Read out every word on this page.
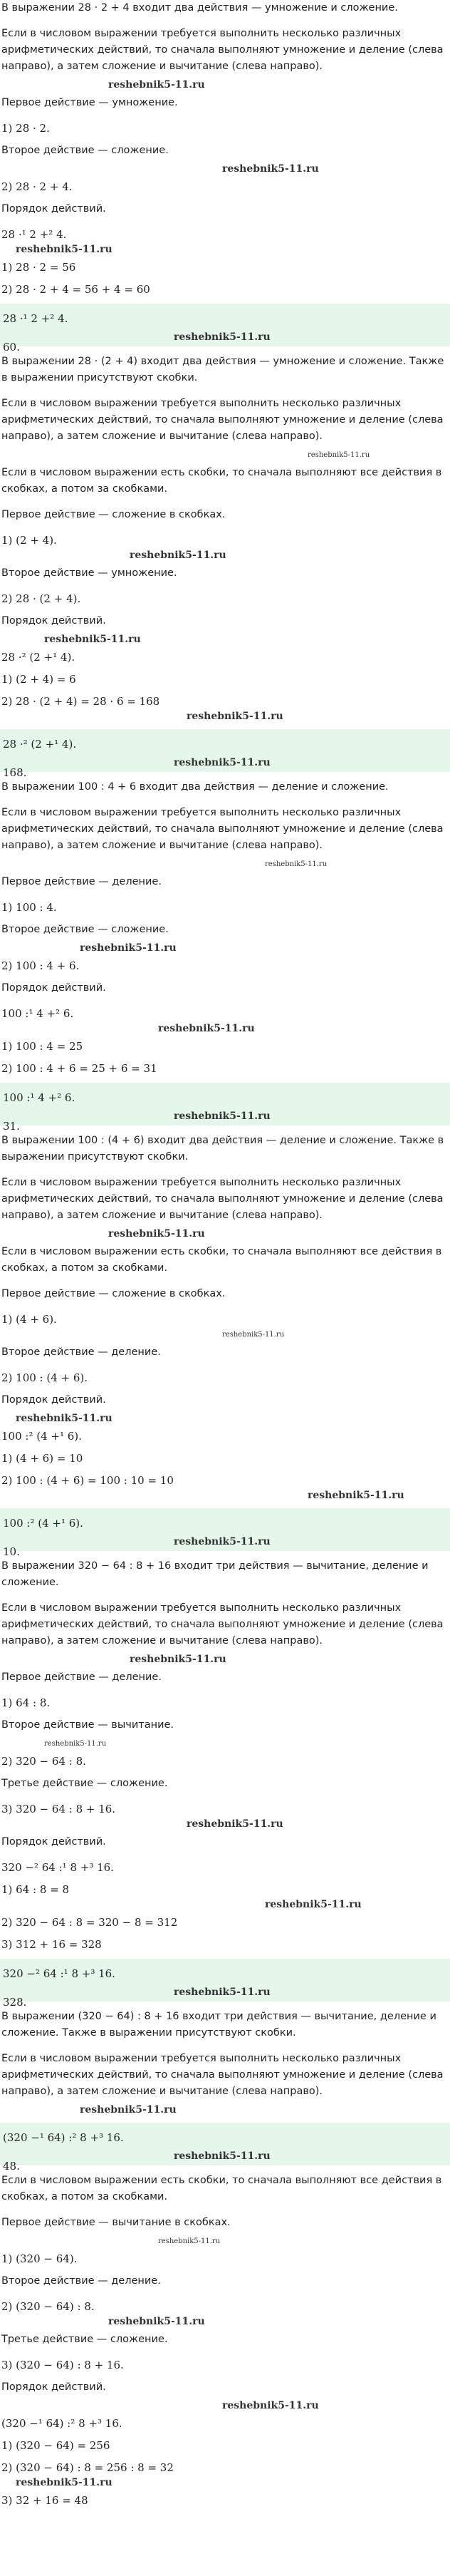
В выражении 28 · 2 + 4 входит два действия — умножение и сложение.

Если в числовом выражении требуется выполнить несколько различных арифметических действий, то сначала выполняют умножение и деление (слева направо), а затем сложение и вычитание (слева направо).

reshebnik5-11.ru

Первое действие — умножение.

1) 28 · 2.

Второе действие — сложение.

reshebnik5-11.ru

2) 28 · 2 + 4.

Порядок действий.

28 ·¹ 2 +² 4.

reshebnik5-11.ru

1) 28 · 2 = 56

2) 28 · 2 + 4 = 56 + 4 = 60

28 ·¹ 2 +² 4.

60.

reshebnik5-11.ru

В выражении 28 · (2 + 4) входит два действия — умножение и сложение. Также в выражении присутствуют скобки.

Если в числовом выражении требуется выполнить несколько различных арифметических действий, то сначала выполняют умножение и деление (слева направо), а затем сложение и вычитание (слева направо).

reshebnik5-11.ru

Если в числовом выражении есть скобки, то сначала выполняют все действия в скобках, а потом за скобками.

Первое действие — сложение в скобках.

1) (2 + 4).

reshebnik5-11.ru

Второе действие — умножение.

2) 28 · (2 + 4).

Порядок действий.

reshebnik5-11.ru

28 ·² (2 +¹ 4).

1) (2 + 4) = 6

2) 28 · (2 + 4) = 28 · 6 = 168

reshebnik5-11.ru

28 ·² (2 +¹ 4).

168.

reshebnik5-11.ru

В выражении 100 : 4 + 6 входит два действия — деление и сложение.

Если в числовом выражении требуется выполнить несколько различных арифметических действий, то сначала выполняют умножение и деление (слева направо), а затем сложение и вычитание (слева направо).

reshebnik5-11.ru

Первое действие — деление.

1) 100 : 4.

Второе действие — сложение.

reshebnik5-11.ru

2) 100 : 4 + 6.

Порядок действий.

100 :¹ 4 +² 6.

reshebnik5-11.ru

1) 100 : 4 = 25

2) 100 : 4 + 6 = 25 + 6 = 31

100 :¹ 4 +² 6.

31.

reshebnik5-11.ru

В выражении 100 : (4 + 6) входит два действия — деление и сложение. Также в выражении присутствуют скобки.

Если в числовом выражении требуется выполнить несколько различных арифметических действий, то сначала выполняют умножение и деление (слева направо), а затем сложение и вычитание (слева направо).

reshebnik5-11.ru

Если в числовом выражении есть скобки, то сначала выполняют все действия в скобках, а потом за скобками.

Первое действие — сложение в скобках.

1) (4 + 6).

reshebnik5-11.ru

Второе действие — деление.

2) 100 : (4 + 6).

Порядок действий.

reshebnik5-11.ru

100 :² (4 +¹ 6).

1) (4 + 6) = 10

2) 100 : (4 + 6) = 100 : 10 = 10

reshebnik5-11.ru

100 :² (4 +¹ 6).

10.

reshebnik5-11.ru

В выражении 320 − 64 : 8 + 16 входит три действия — вычитание, деление и сложение.

Если в числовом выражении требуется выполнить несколько различных арифметических действий, то сначала выполняют умножение и деление (слева направо), а затем сложение и вычитание (слева направо).

reshebnik5-11.ru

Первое действие — деление.

1) 64 : 8.

Второе действие — вычитание.

reshebnik5-11.ru

2) 320 − 64 : 8.

Третье действие — сложение.

3) 320 − 64 : 8 + 16.

reshebnik5-11.ru

Порядок действий.

320 −² 64 :¹ 8 +³ 16.

1) 64 : 8 = 8

reshebnik5-11.ru

2) 320 − 64 : 8 = 320 − 8 = 312

3) 312 + 16 = 328

320 −² 64 :¹ 8 +³ 16.

328.

reshebnik5-11.ru

В выражении (320 − 64) : 8 + 16 входит три действия — вычитание, деление и сложение. Также в выражении присутствуют скобки.

Если в числовом выражении требуется выполнить несколько различных арифметических действий, то сначала выполняют умножение и деление (слева направо), а затем сложение и вычитание (слева направо).

reshebnik5-11.ru

(320 −¹ 64) :² 8 +³ 16.

48.

reshebnik5-11.ru

Если в числовом выражении есть скобки, то сначала выполняют все действия в скобках, а потом за скобками.

Первое действие — вычитание в скобках.

reshebnik5-11.ru

1) (320 − 64).

Второе действие — деление.

2) (320 − 64) : 8.

reshebnik5-11.ru

Третье действие — сложение.

3) (320 − 64) : 8 + 16.

Порядок действий.

reshebnik5-11.ru

(320 −¹ 64) :² 8 +³ 16.

1) (320 − 64) = 256

2) (320 − 64) : 8 = 256 : 8 = 32

reshebnik5-11.ru

3) 32 + 16 = 48
